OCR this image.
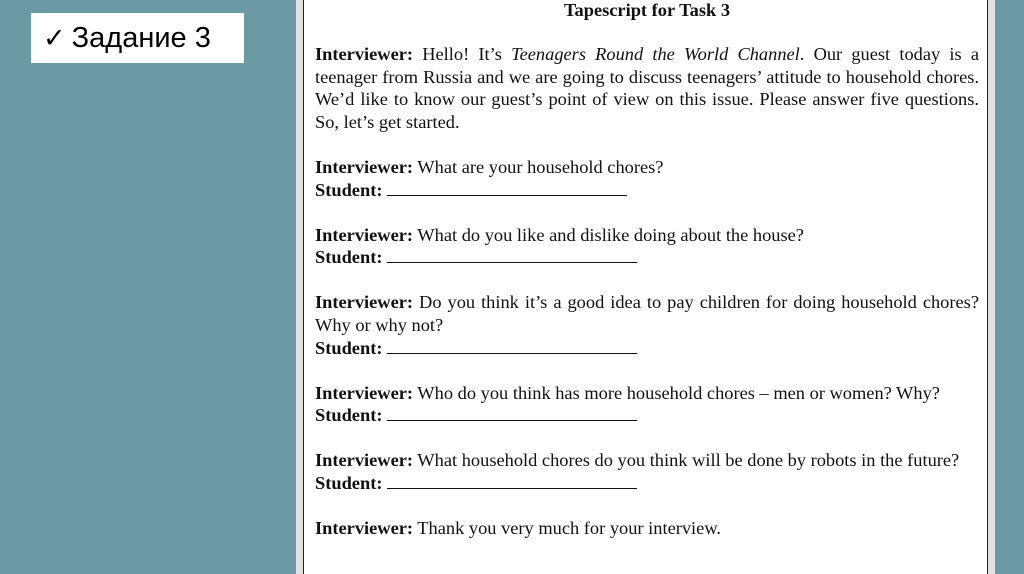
✓ Задание 3
Tapescript for Task 3

Interviewer: Hello! It’s Teenagers Round the World Channel. Our guest today is a teenager from Russia and we are going to discuss teenagers’ attitude to household chores. We’d like to know our guest’s point of view on this issue. Please answer five questions. So, let’s get started.

Interviewer: What are your household chores?

Student:

Interviewer: What do you like and dislike doing about the house?

Student:

Interviewer: Do you think it’s a good idea to pay children for doing household chores? Why or why not?

Student:

Interviewer: Who do you think has more household chores – men or women? Why?

Student:

Interviewer: What household chores do you think will be done by robots in the future?

Student:

Interviewer: Thank you very much for your interview.
